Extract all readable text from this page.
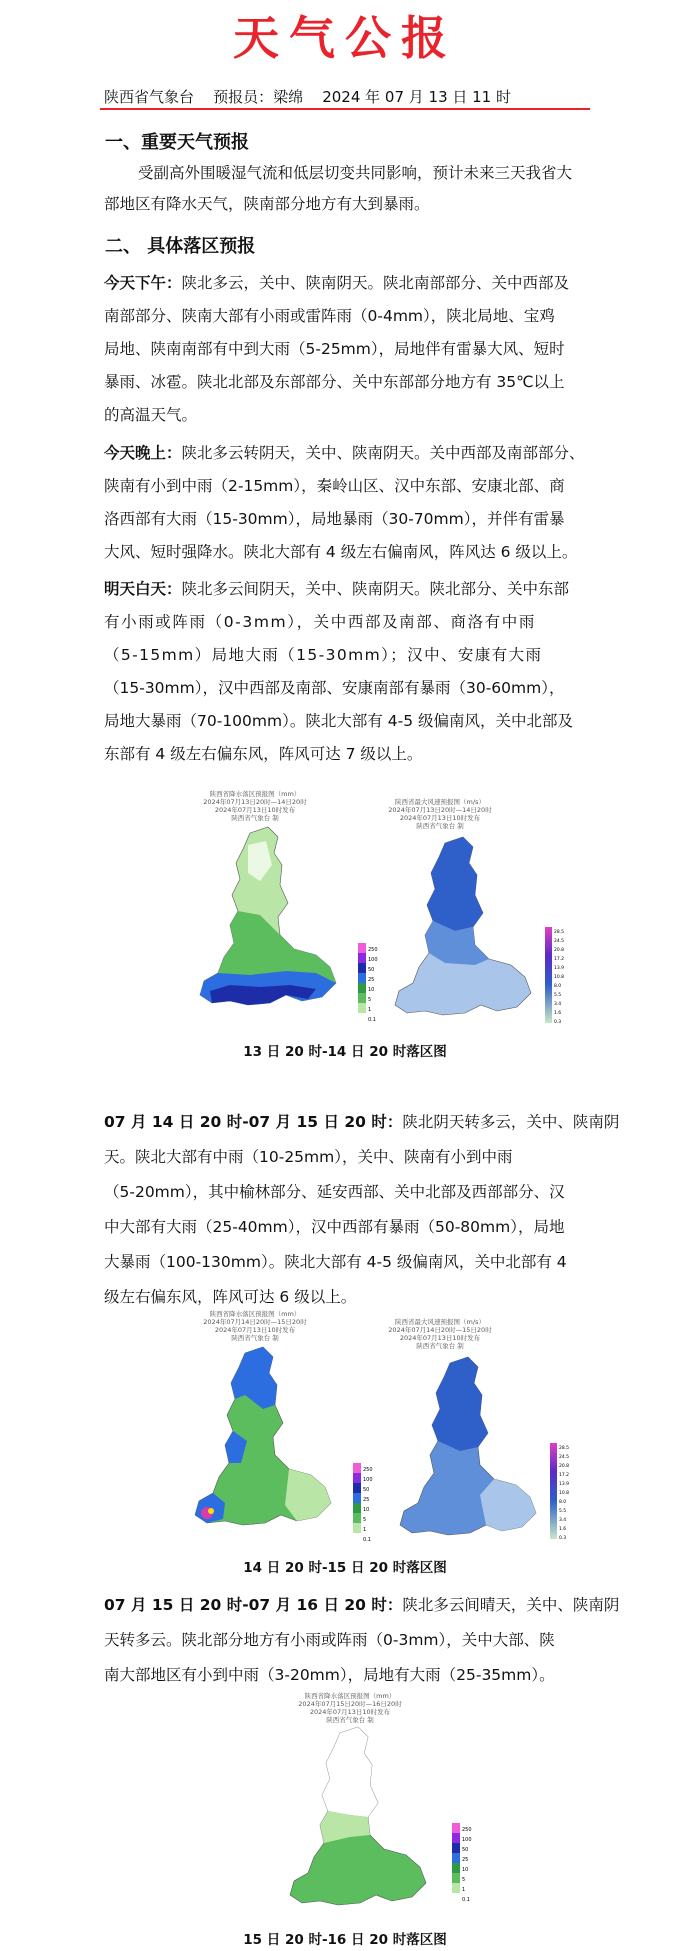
天气公报
陕西省气象台 预报员：梁绵 2024 年 07 月 13 日 11 时
一、重要天气预报
受副高外围暖湿气流和低层切变共同影响，预计未来三天我省大
部地区有降水天气，陕南部分地方有大到暴雨。
二、 具体落区预报
今天下午：陕北多云，关中、陕南阴天。陕北南部部分、关中西部及
南部部分、陕南大部有小雨或雷阵雨（0-4mm），陕北局地、宝鸡
局地、陕南南部有中到大雨（5-25mm），局地伴有雷暴大风、短时
暴雨、冰雹。陕北北部及东部部分、关中东部部分地方有 35℃以上
的高温天气。
今天晚上：陕北多云转阴天，关中、陕南阴天。关中西部及南部部分、
陕南有小到中雨（2-15mm），秦岭山区、汉中东部、安康北部、商
洛西部有大雨（15-30mm），局地暴雨（30-70mm），并伴有雷暴
大风、短时强降水。陕北大部有 4 级左右偏南风，阵风达 6 级以上。
明天白天：陕北多云间阴天，关中、陕南阴天。陕北部分、关中东部
有小雨或阵雨（0-3mm），关中西部及南部、商洛有中雨
（5-15mm）局地大雨（15-30mm）；汉中、安康有大雨
（15-30mm），汉中西部及南部、安康南部有暴雨（30-60mm），
局地大暴雨（70-100mm）。陕北大部有 4-5 级偏南风，关中北部及
东部有 4 级左右偏东风，阵风可达 7 级以上。
陕西省降水落区预报图（mm）
2024年07月13日20时—14日20时
2024年07月13日10时发布
陕西省气象台 制
250
100
50
25
10
5
1
0.1
陕西省最大风速预报图（m/s）
2024年07月13日20时—14日20时
2024年07月13日10时发布
陕西省气象台 制
28.5
24.5
20.8
17.2
13.9
10.8
8.0
5.5
3.4
1.6
0.3
13 日 20 时-14 日 20 时落区图
07 月 14 日 20 时-07 月 15 日 20 时：陕北阴天转多云，关中、陕南阴
天。陕北大部有中雨（10-25mm），关中、陕南有小到中雨
（5-20mm），其中榆林部分、延安西部、关中北部及西部部分、汉
中大部有大雨（25-40mm），汉中西部有暴雨（50-80mm），局地
大暴雨（100-130mm）。陕北大部有 4-5 级偏南风，关中北部有 4
级左右偏东风，阵风可达 6 级以上。
陕西省降水落区预报图（mm）
2024年07月14日20时—15日20时
2024年07月13日10时发布
陕西省气象台 制
250
100
50
25
10
5
1
0.1
陕西省最大风速预报图（m/s）
2024年07月14日20时—15日20时
2024年07月13日10时发布
陕西省气象台 制
28.5
24.5
20.8
17.2
13.9
10.8
8.0
5.5
3.4
1.6
0.3
14 日 20 时-15 日 20 时落区图
07 月 15 日 20 时-07 月 16 日 20 时：陕北多云间晴天，关中、陕南阴
天转多云。陕北部分地方有小雨或阵雨（0-3mm），关中大部、陕
南大部地区有小到中雨（3-20mm），局地有大雨（25-35mm）。
陕西省降水落区预报图（mm）
2024年07月15日20时—16日20时
2024年07月13日10时发布
陕西省气象台 制
250
100
50
25
10
5
1
0.1
15 日 20 时-16 日 20 时落区图
